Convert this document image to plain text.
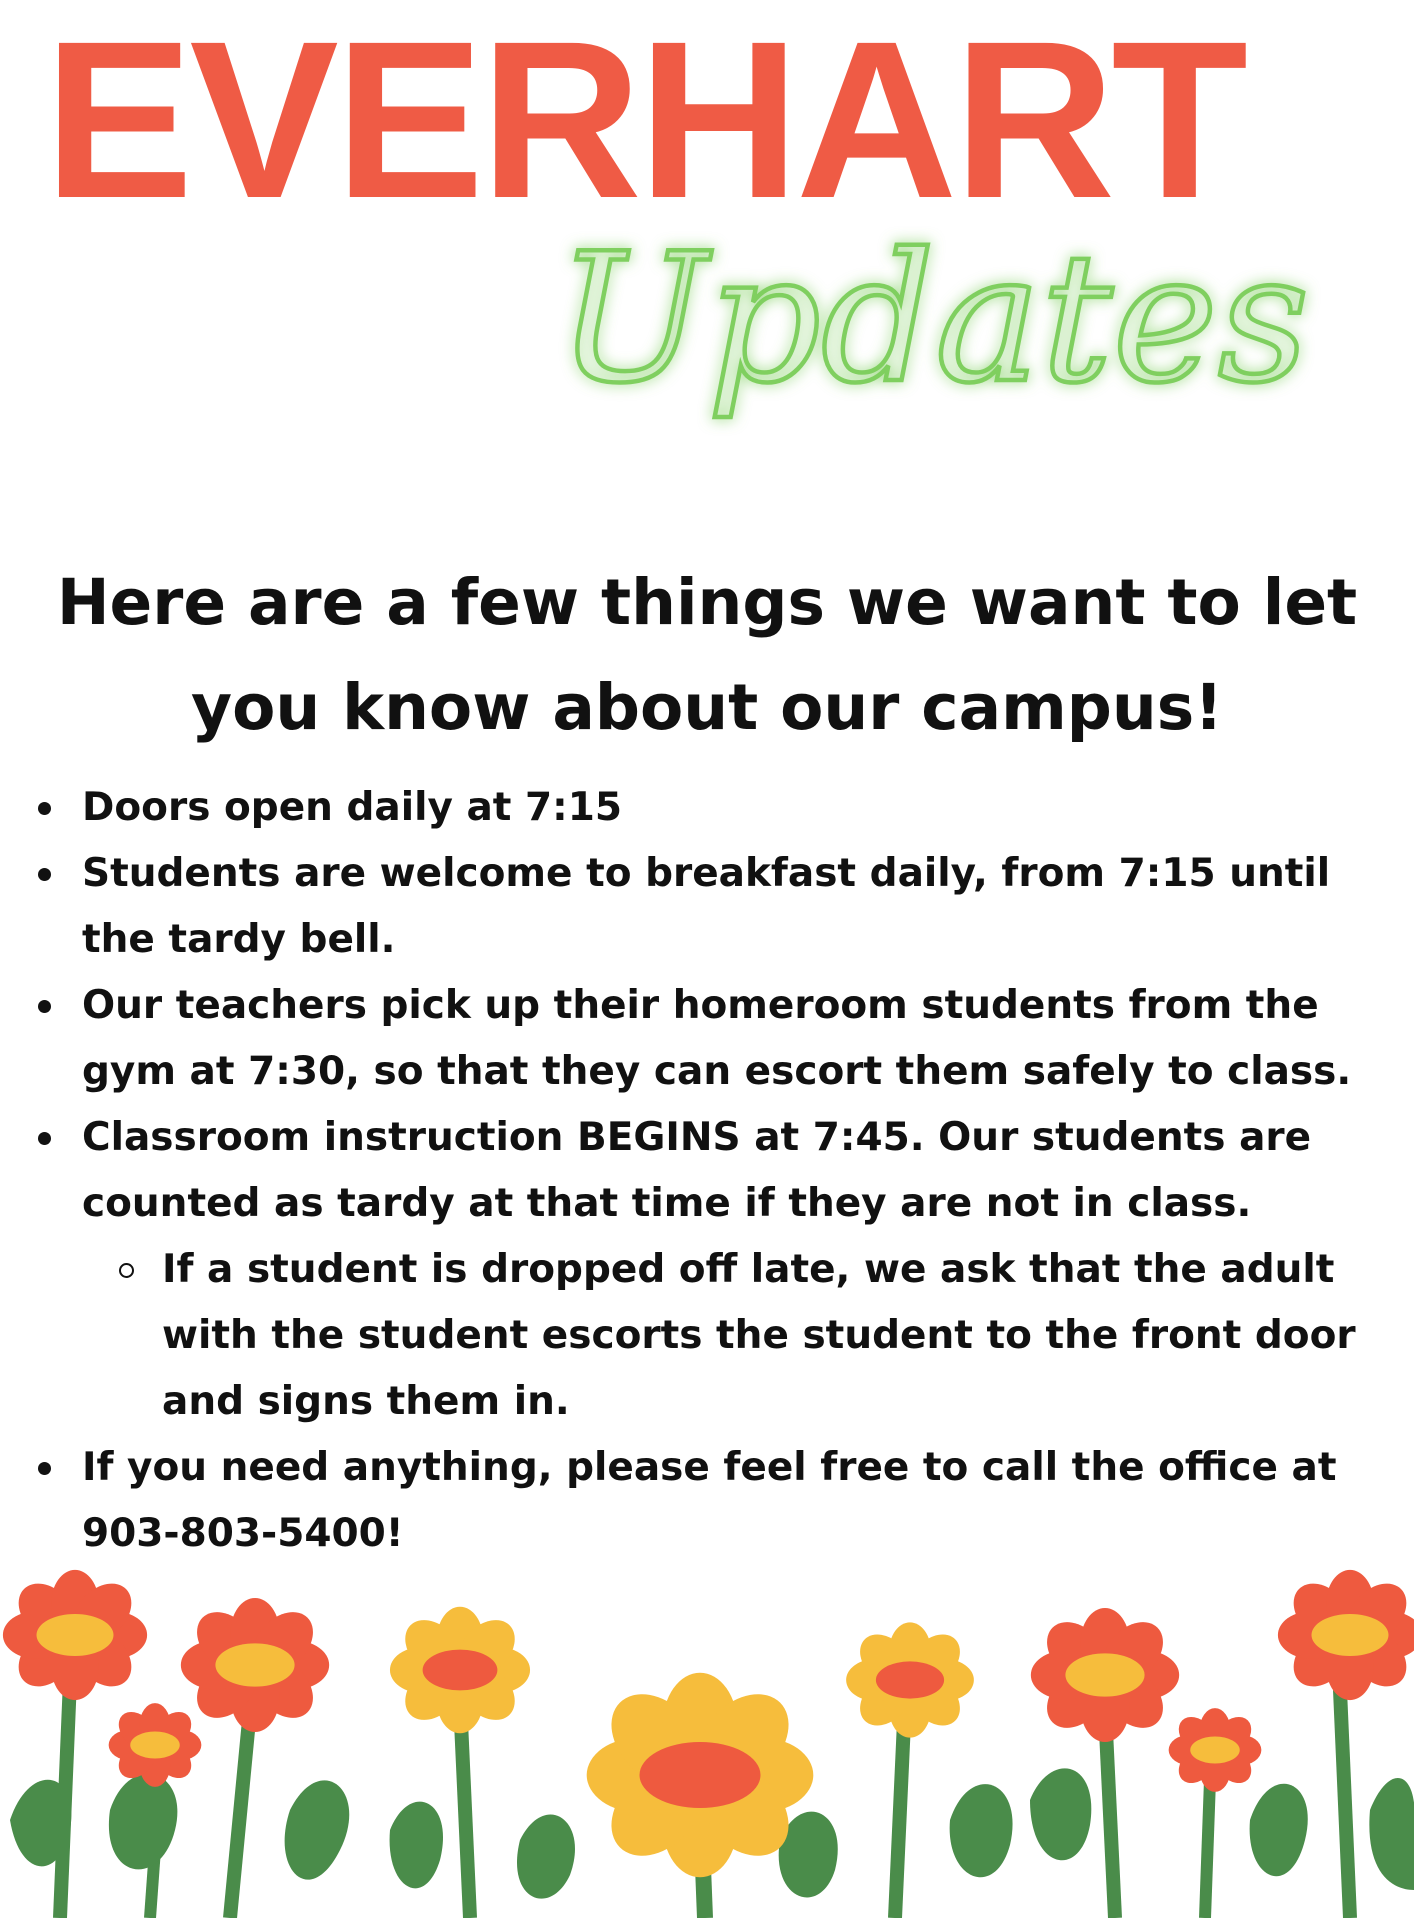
EVERHART
Updates
Here are a few things we want to let
you know about our campus!
Doors open daily at 7:15
Students are welcome to breakfast daily, from 7:15 until
the tardy bell.
Our teachers pick up their homeroom students from the
gym at 7:30, so that they can escort them safely to class.
Classroom instruction BEGINS at 7:45. Our students are
counted as tardy at that time if they are not in class.
If a student is dropped off late, we ask that the adult
with the student escorts the student to the front door
and signs them in.
If you need anything, please feel free to call the office at
903-803-5400!
